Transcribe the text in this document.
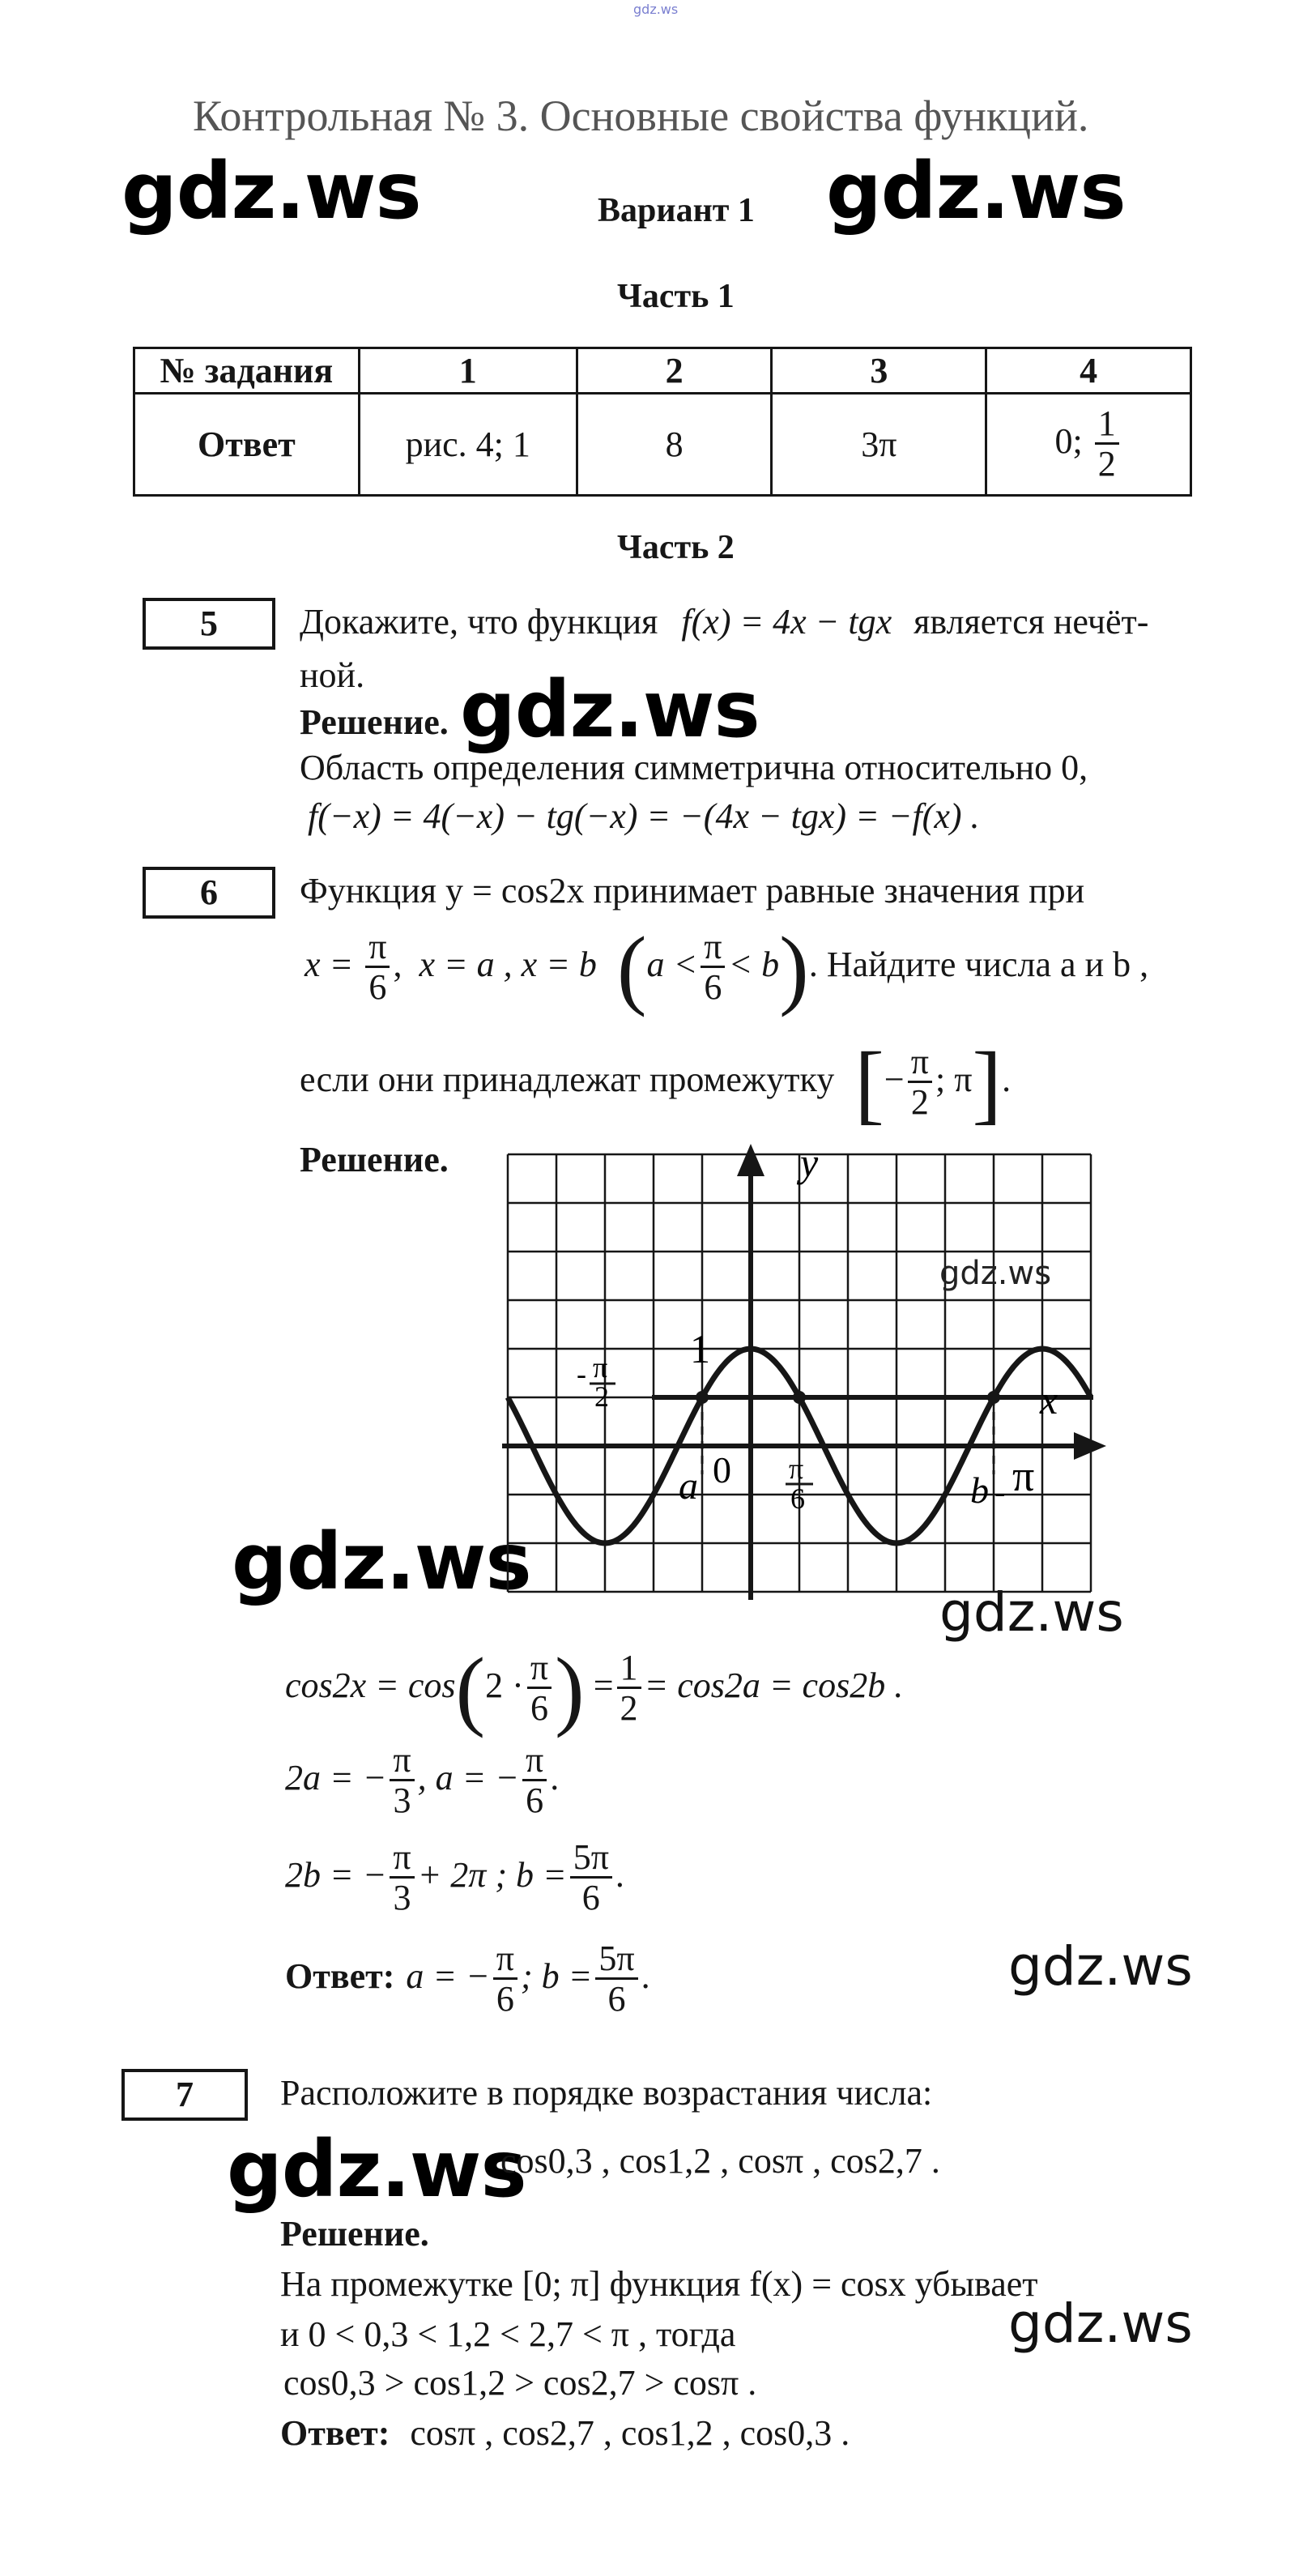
gdz.ws
Контрольная № 3. Основные свойства функций.
gdz.ws	gdz.ws
gdz.ws
gdz.ws
gdz.ws
gdz.ws
gdz.ws
gdz.ws
Вариант 1
Часть 1
№ задания	1	2	3	4
Ответ	рис. 4; 1	8	3π	0; $\frac{1}{2}$
Часть 2
5	Докажите, что функция f(x) = 4x − tgx является нечёт-
ной.
Решение.
Область определения симметрична относительно 0,
f(−x) = 4(−x) − tg(−x) = −(4x − tgx) = −f(x) .
6	Функция y = cos2x принимает равные значения при
$x = \frac{\pi}{6}$ , x = a , x = b $(a < \frac{\pi}{6} < b)$. Найдите числа a и b ,
если они принадлежат промежутку [− $\frac{\pi}{2}$ ; π].
Решение.	y
x
1
0
a	b - π
π
6
- π
2
gdz.ws
$\cos 2x = \cos(2 \cdot \frac{\pi}{6}$ ) = $\frac{1}{2} = \cos 2a = \cos 2b$ .
2a = − $\frac{\pi}{3}$ , a = − $\frac{\pi}{6}$ .
2b = − $\frac{\pi}{3} + 2\pi$ ; $b = \frac{5\pi}{6}$ .
Ответ: a = − $\frac{\pi}{6}$ ; $b = \frac{5\pi}{6}$ .
7	Расположите в порядке возрастания числа:
cos0,3 , cos1,2 , cosπ , cos2,7 .
Решение.
На промежутке [0; π] функция f(x) = cosx убывает
и 0 < 0,3 < 1,2 < 2,7 < π , тогда
cos0,3 > cos1,2 > cos2,7 > cosπ .
Ответ: cosπ , cos2,7 , cos1,2 , cos0,3 .
